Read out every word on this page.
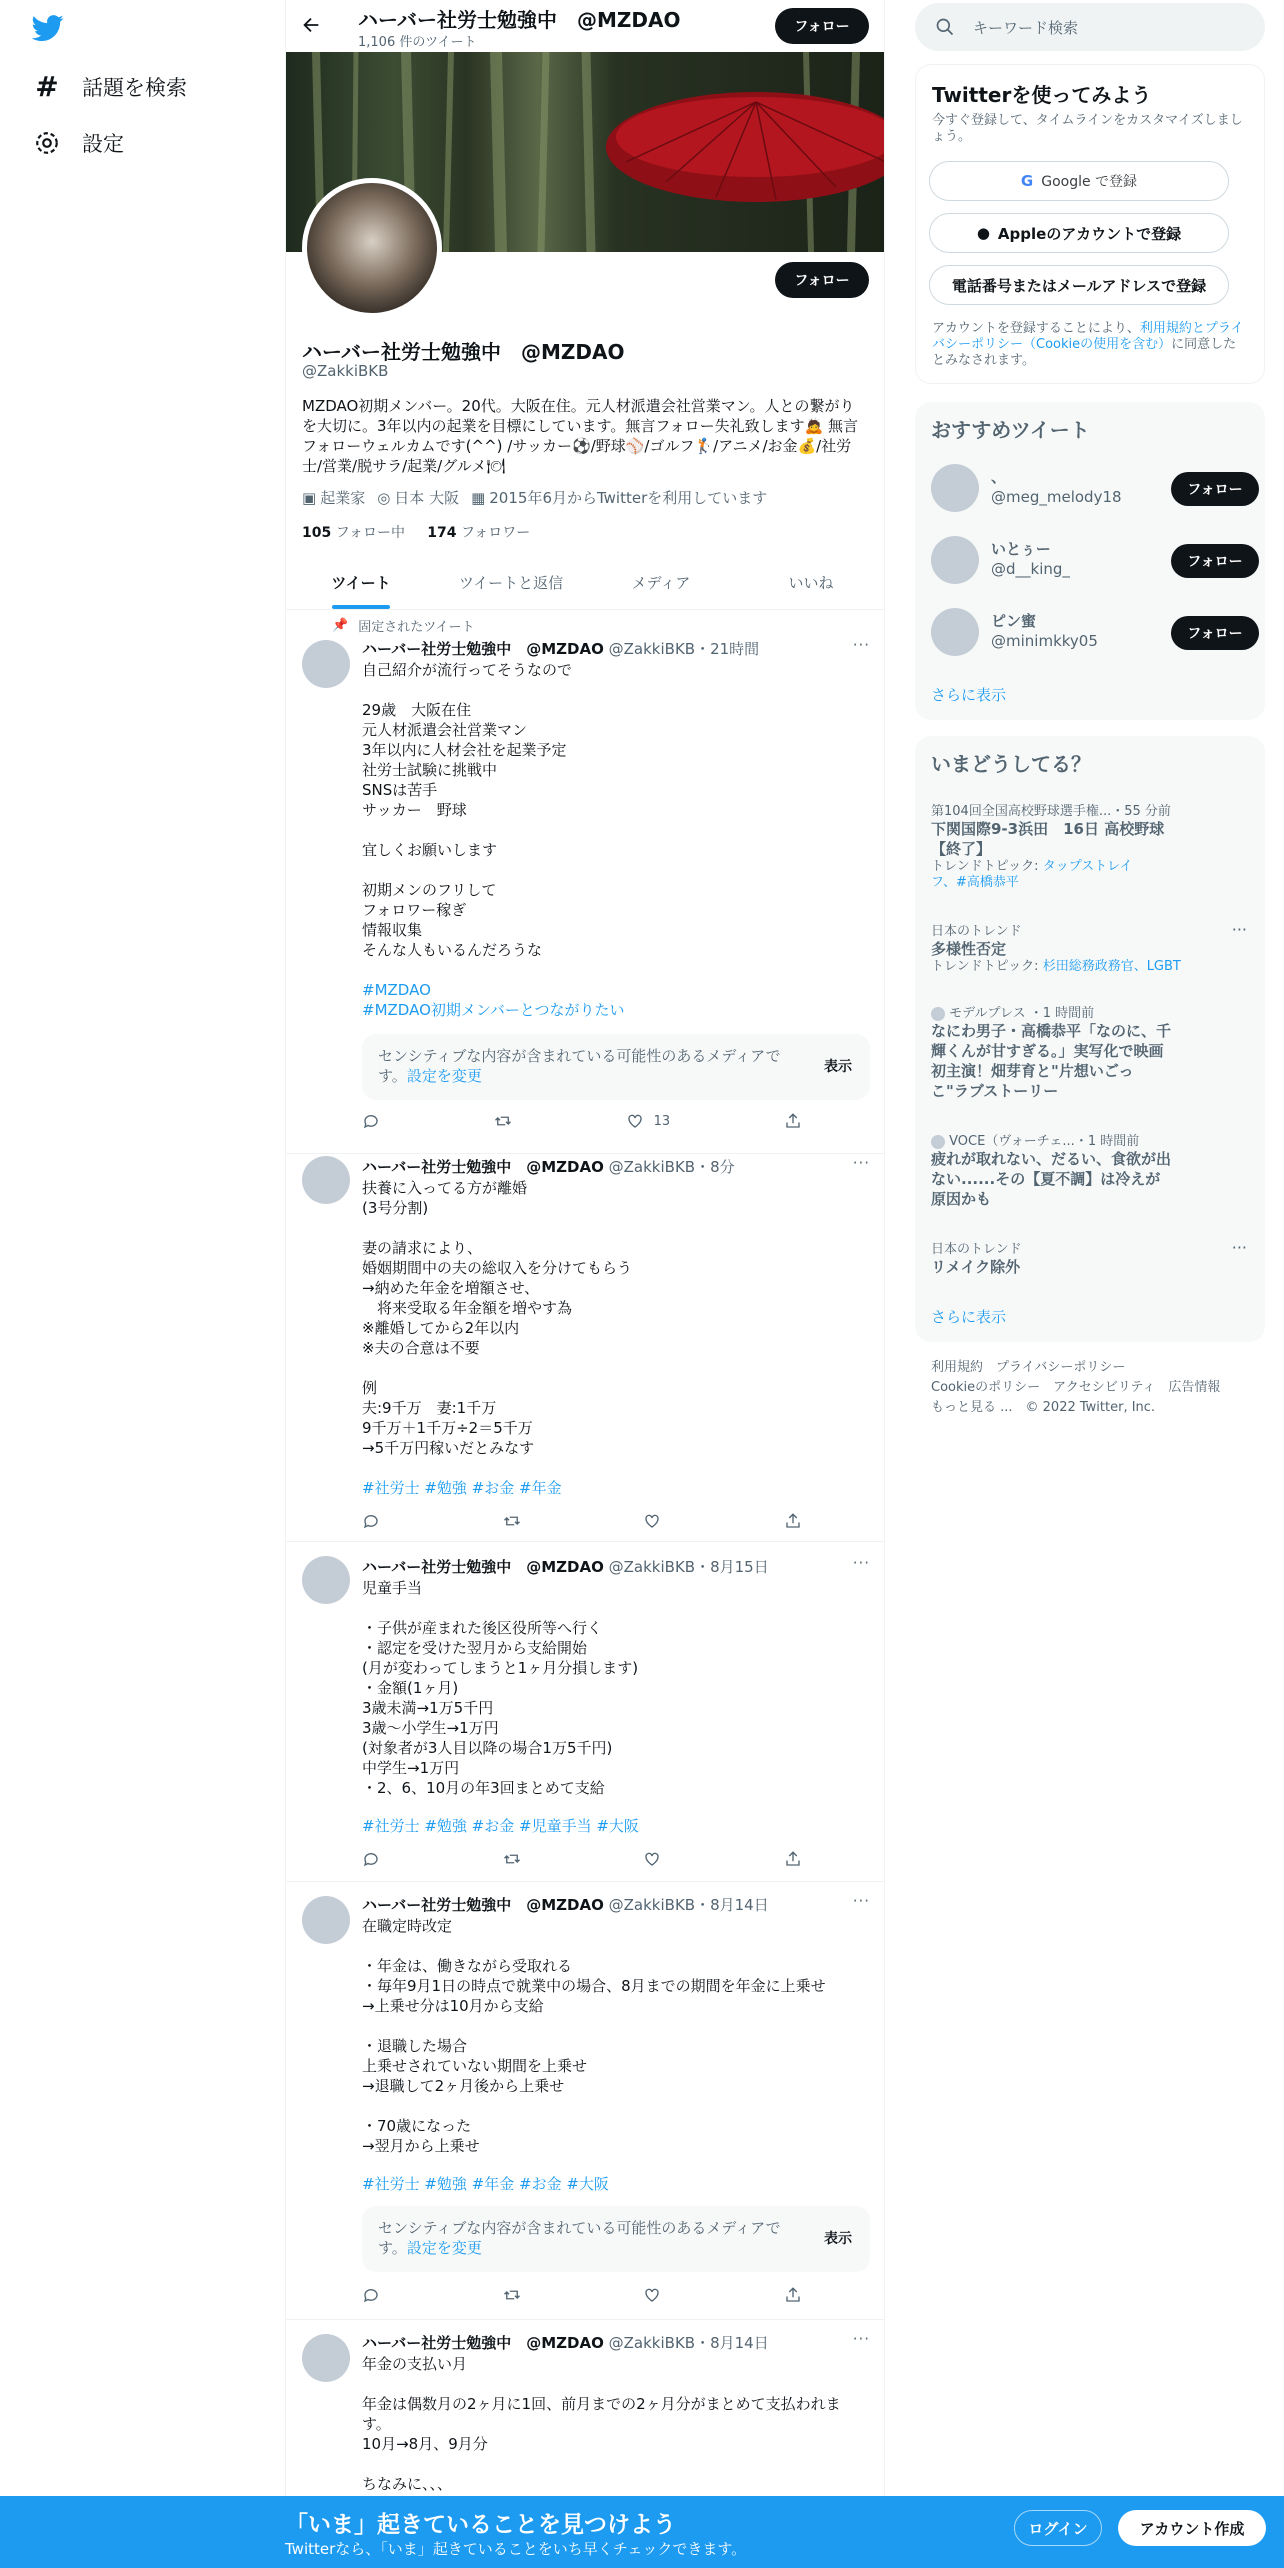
# 話題を検索
設定
ハーバー社労士勉強中　@MZDAO
1,106 件のツイート
フォロー
フォロー
ハーバー社労士勉強中　@MZDAO
@ZakkiBKB
MZDAO初期メンバー。20代。大阪在住。元人材派遣会社営業マン。人との繋がりを大切に。3年以内の起業を目標にしています。無言フォロー失礼致します🙇 無言フォローウェルカムです(^^) /サッカー⚽/野球⚾/ゴルフ🏌/アニメ/お金💰/社労士/営業/脱サラ/起業/グルメ🍽
▣ 起業家 ◎ 日本 大阪 ▦ 2015年6月からTwitterを利用しています
105 フォロー中 174 フォロワー
ツイート	ツイートと返信	メディア	いいね
📌 固定されたツイート
ハーバー社労士勉強中　@MZDAO @ZakkiBKB・21時間	···
自己紹介が流行ってそうなので

29歳　大阪在住
元人材派遣会社営業マン
3年以内に人材会社を起業予定
社労士試験に挑戦中
SNSは苦手
サッカー　野球

宜しくお願いします

初期メンのフリして
フォロワー稼ぎ
情報収集
そんな人もいるんだろうな
#MZDAO
#MZDAO初期メンバーとつながりたい
センシティブな内容が含まれている可能性のあるメディアです。設定を変更	表示
13
ハーバー社労士勉強中　@MZDAO @ZakkiBKB・8分	···
扶養に入ってる方が離婚
(3号分割)

妻の請求により、
婚姻期間中の夫の総収入を分けてもらう
→納めた年金を増額させ、
　将来受取る年金額を増やす為
※離婚してから2年以内
※夫の合意は不要

例
夫:9千万　妻:1千万
9千万＋1千万÷2＝5千万
→5千万円稼いだとみなす
#社労士 #勉強 #お金 #年金
ハーバー社労士勉強中　@MZDAO @ZakkiBKB・8月15日	···
児童手当

・子供が産まれた後区役所等へ行く
・認定を受けた翌月から支給開始
(月が変わってしまうと1ヶ月分損します)
・金額(1ヶ月)
3歳未満→1万5千円
3歳〜小学生→1万円
(対象者が3人目以降の場合1万5千円)
中学生→1万円
・2、6、10月の年3回まとめて支給
#社労士 #勉強 #お金 #児童手当 #大阪
ハーバー社労士勉強中　@MZDAO @ZakkiBKB・8月14日	···
在職定時改定

・年金は、働きながら受取れる
・毎年9月1日の時点で就業中の場合、8月までの期間を年金に上乗せ
→上乗せ分は10月から支給

・退職した場合
上乗せされていない期間を上乗せ
→退職して2ヶ月後から上乗せ

・70歳になった
→翌月から上乗せ
#社労士 #勉強 #年金 #お金 #大阪
センシティブな内容が含まれている可能性のあるメディアです。設定を変更	表示
ハーバー社労士勉強中　@MZDAO @ZakkiBKB・8月14日	···
年金の支払い月

年金は偶数月の2ヶ月に1回、前月までの2ヶ月分がまとめて支払われます。
10月→8月、9月分

ちなみに、、、

キーワード検索
Twitterを使ってみよう
今すぐ登録して、タイムラインをカスタマイズしましょう。
G Google で登録
● Appleのアカウントで登録
電話番号またはメールアドレスで登録
アカウントを登録することにより、利用規約とプライバシーポリシー（Cookieの使用を含む）に同意したとみなされます。
おすすめツイート
、
@meg_melody18	フォロー
いとぅー
@d__king_	フォロー
ピン蜜
@minimkky05	フォロー
さらに表示
いまどうしてる？
第104回全国高校野球選手権...・55 分前
下関国際9-3浜田　16日 高校野球【終了】
トレンドトピック: タップストレイフ、#高橋恭平
日本のトレンド
多様性否定
トレンドトピック: 杉田総務政務官、LGBT
···
モデルプレス ・1 時間前
なにわ男子・高橋恭平「なのに、千輝くんが甘すぎる。」実写化で映画初主演！畑芽育と"片想いごっこ"ラブストーリー
VOCE（ヴォーチェ...・1 時間前
疲れが取れない、だるい、食欲が出ない......その【夏不調】は冷えが原因かも
日本のトレンド
リメイク除外
···
さらに表示
利用規約　プライバシーポリシー
Cookieのポリシー　アクセシビリティ　広告情報
もっと見る ...　© 2022 Twitter, Inc.
「いま」起きていることを見つけよう
Twitterなら、「いま」起きていることをいち早くチェックできます。
ログイン	アカウント作成
